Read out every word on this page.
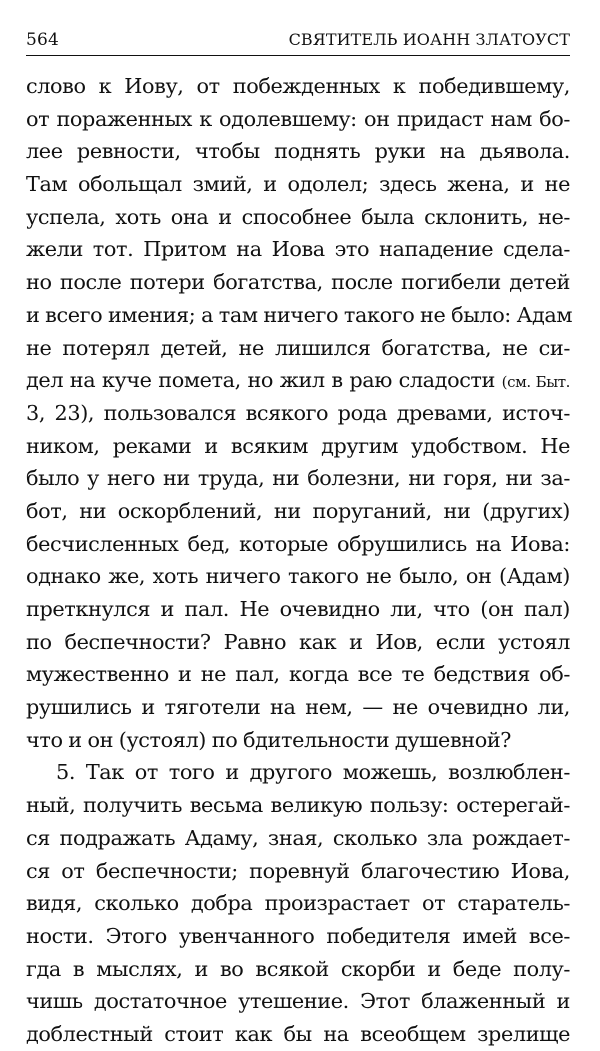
564	СВЯТИТЕЛЬ ИОАНН ЗЛАТОУСТ
слово к Иову, от побежденных к победившему,
от пораженных к одолевшему: он придаст нам бо-
лее ревности, чтобы поднять руки на дьявола.
Там обольщал змий, и одолел; здесь жена, и не
успела, хоть она и способнее была склонить, не-
жели тот. Притом на Иова это нападение сдела-
но после потери богатства, после погибели детей
и всего имения; а там ничего такого не было: Адам
не потерял детей, не лишился богатства, не си-
дел на куче помета, но жил в раю сладости (см. Быт.
3, 23), пользовался всякого рода древами, источ-
ником, реками и всяким другим удобством. Не
было у него ни труда, ни болезни, ни горя, ни за-
бот, ни оскорблений, ни поруганий, ни (других)
бесчисленных бед, которые обрушились на Иова:
однако же, хоть ничего такого не было, он (Адам)
преткнулся и пал. Не очевидно ли, что (он пал)
по беспечности? Равно как и Иов, если устоял
мужественно и не пал, когда все те бедствия об-
рушились и тяготели на нем, — не очевидно ли,
что и он (устоял) по бдительности душевной?
5. Так от того и другого можешь, возлюблен-
ный, получить весьма великую пользу: остерегай-
ся подражать Адаму, зная, сколько зла рождает-
ся от беспечности; поревнуй благочестию Иова,
видя, сколько добра произрастает от старатель-
ности. Этого увенчанного победителя имей все-
гда в мыслях, и во всякой скорби и беде полу-
чишь достаточное утешение. Этот блаженный и
доблестный стоит как бы на всеобщем зрелище
